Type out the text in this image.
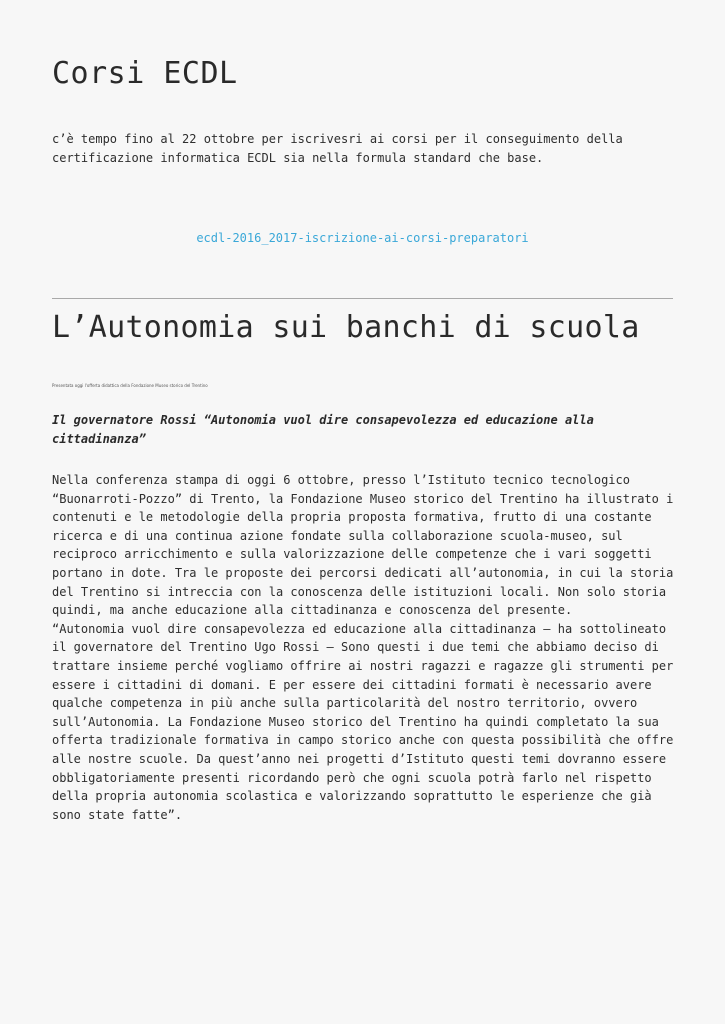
Corsi ECDL

c’è tempo fino al 22 ottobre per iscrivesri ai corsi per il conseguimento della certificazione informatica ECDL sia nella formula standard che base.

ecdl-2016_2017-iscrizione-ai-corsi-preparatori
L’Autonomia sui banchi di scuola

Presentata oggi l'offerta didattica della Fondazione Museo storico del Trentino

Il governatore Rossi “Autonomia vuol dire consapevolezza ed educazione alla cittadinanza”

Nella conferenza stampa di oggi 6 ottobre, presso l’Istituto tecnico tecnologico “Buonarroti-Pozzo” di Trento, la Fondazione Museo storico del Trentino ha illustrato i contenuti e le metodologie della propria proposta formativa, frutto di una costante ricerca e di una continua azione fondate sulla collaborazione scuola-museo, sul reciproco arricchimento e sulla valorizzazione delle competenze che i vari soggetti portano in dote. Tra le proposte dei percorsi dedicati all’autonomia, in cui la storia del Trentino si intreccia con la conoscenza delle istituzioni locali. Non solo storia quindi, ma anche educazione alla cittadinanza e conoscenza del presente.

“Autonomia vuol dire consapevolezza ed educazione alla cittadinanza – ha sottolineato il governatore del Trentino Ugo Rossi – Sono questi i due temi che abbiamo deciso di trattare insieme perché vogliamo offrire ai nostri ragazzi e ragazze gli strumenti per essere i cittadini di domani. E per essere dei cittadini formati è necessario avere qualche competenza in più anche sulla particolarità del nostro territorio, ovvero sull’Autonomia. La Fondazione Museo storico del Trentino ha quindi completato la sua offerta tradizionale formativa in campo storico anche con questa possibilità che offre alle nostre scuole. Da quest’anno nei progetti d’Istituto questi temi dovranno essere obbligatoriamente presenti ricordando però che ogni scuola potrà farlo nel rispetto della propria autonomia scolastica e valorizzando soprattutto le esperienze che già sono state fatte”.
